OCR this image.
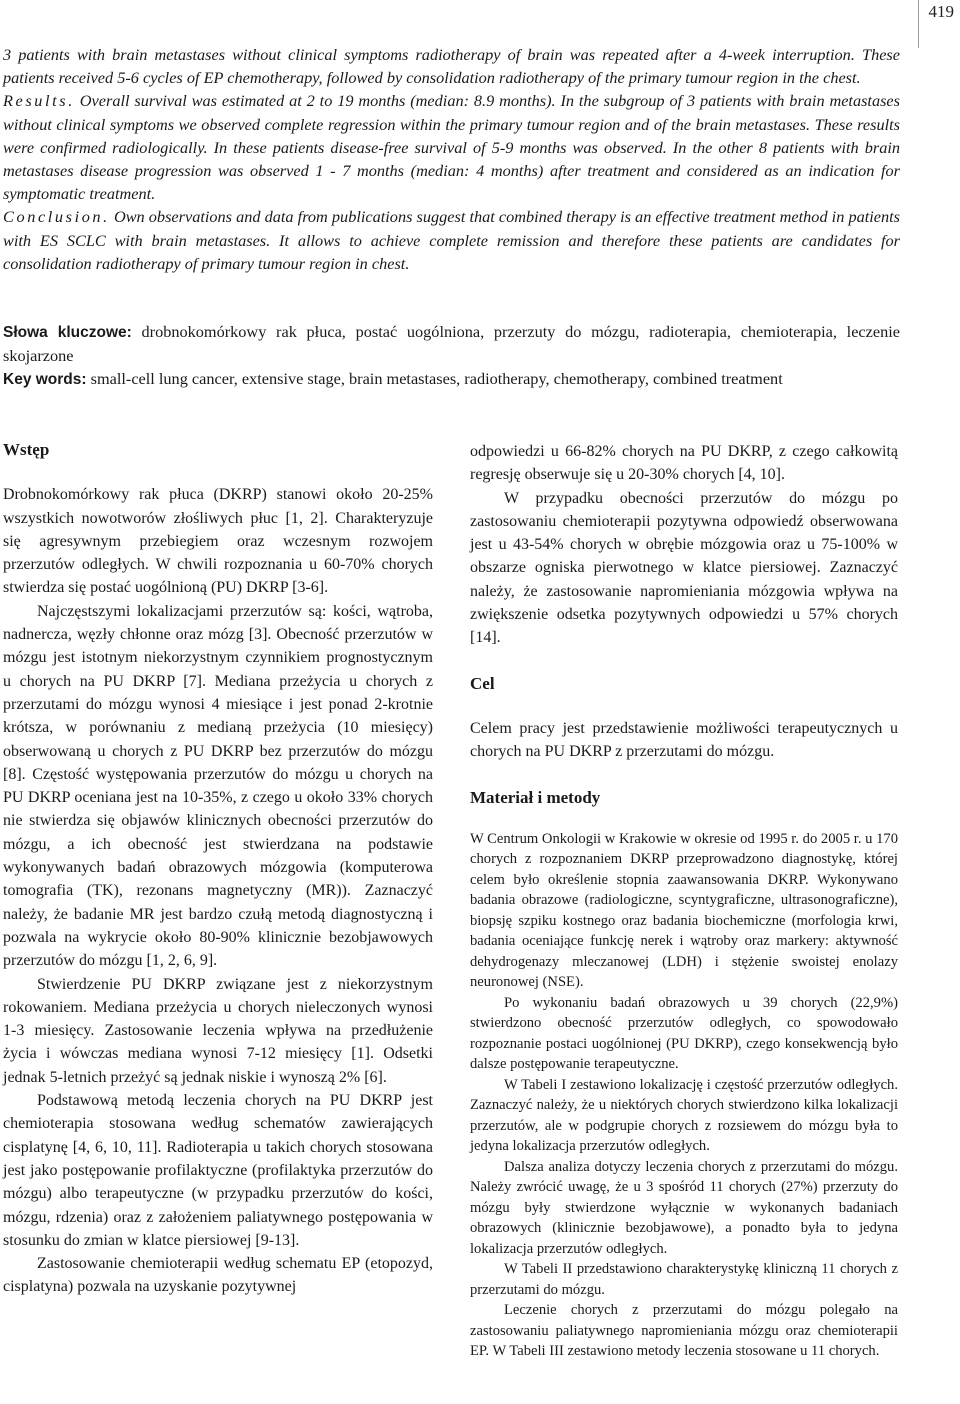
419

3 patients with brain metastases without clinical symptoms radiotherapy of brain was repeated after a 4-week interruption. These patients received 5-6 cycles of EP chemotherapy, followed by consolidation radiotherapy of the primary tumour region in the chest.
Results. Overall survival was estimated at 2 to 19 months (median: 8.9 months). In the subgroup of 3 patients with brain metastases without clinical symptoms we observed complete regression within the primary tumour region and of the brain metastases. These results were confirmed radiologically. In these patients disease-free survival of 5-9 months was observed. In the other 8 patients with brain metastases disease progression was observed 1 - 7 months (median: 4 months) after treatment and considered as an indication for symptomatic treatment.
Conclusion. Own observations and data from publications suggest that combined therapy is an effective treatment method in patients with ES SCLC with brain metastases. It allows to achieve complete remission and therefore these patients are candidates for consolidation radiotherapy of primary tumour region in chest.

Słowa kluczowe: drobnokomórkowy rak płuca, postać uogólniona, przerzuty do mózgu, radioterapia, chemioterapia, leczenie skojarzone

Key words: small-cell lung cancer, extensive stage, brain metastases, radiotherapy, chemotherapy, combined treatment

Wstęp

Drobnokomórkowy rak płuca (DKRP) stanowi około 20-25% wszystkich nowotworów złośliwych płuc [1, 2]. Charakteryzuje się agresywnym przebiegiem oraz wczesnym rozwojem przerzutów odległych. W chwili rozpoznania u 60-70% chorych stwierdza się postać uogólnioną (PU) DKRP [3-6].

Najczęstszymi lokalizacjami przerzutów są: kości, wątroba, nadnercza, węzły chłonne oraz mózg [3]. Obecność przerzutów w mózgu jest istotnym niekorzystnym czynnikiem prognostycznym u chorych na PU DKRP [7]. Mediana przeżycia u chorych z przerzutami do mózgu wynosi 4 miesiące i jest ponad 2-krotnie krótsza, w porównaniu z medianą przeżycia (10 miesięcy) obserwowaną u chorych z PU DKRP bez przerzutów do mózgu [8]. Częstość występowania przerzutów do mózgu u chorych na PU DKRP oceniana jest na 10-35%, z czego u około 33% chorych nie stwierdza się objawów klinicznych obecności przerzutów do mózgu, a ich obecność jest stwierdzana na podstawie wykonywanych badań obrazowych mózgowia (komputerowa tomografia (TK), rezonans magnetyczny (MR)). Zaznaczyć należy, że badanie MR jest bardzo czułą metodą diagnostyczną i pozwala na wykrycie około 80-90% klinicznie bezobjawowych przerzutów do mózgu [1, 2, 6, 9].

Stwierdzenie PU DKRP związane jest z niekorzystnym rokowaniem. Mediana przeżycia u chorych nieleczonych wynosi 1-3 miesięcy. Zastosowanie leczenia wpływa na przedłużenie życia i wówczas mediana wynosi 7-12 miesięcy [1]. Odsetki jednak 5-letnich przeżyć są jednak niskie i wynoszą 2% [6].

Podstawową metodą leczenia chorych na PU DKRP jest chemioterapia stosowana według schematów zawierających cisplatynę [4, 6, 10, 11]. Radioterapia u takich chorych stosowana jest jako postępowanie profilaktyczne (profilaktyka przerzutów do mózgu) albo terapeutyczne (w przypadku przerzutów do kości, mózgu, rdzenia) oraz z założeniem paliatywnego postępowania w stosunku do zmian w klatce piersiowej [9-13].

Zastosowanie chemioterapii według schematu EP (etopozyd, cisplatyna) pozwala na uzyskanie pozytywnej

odpowiedzi u 66-82% chorych na PU DKRP, z czego całkowitą regresję obserwuje się u 20-30% chorych [4, 10].

W przypadku obecności przerzutów do mózgu po zastosowaniu chemioterapii pozytywna odpowiedź obserwowana jest u 43-54% chorych w obrębie mózgowia oraz u 75-100% w obszarze ogniska pierwotnego w klatce piersiowej. Zaznaczyć należy, że zastosowanie napromieniania mózgowia wpływa na zwiększenie odsetka pozytywnych odpowiedzi u 57% chorych [14].

Cel

Celem pracy jest przedstawienie możliwości terapeutycznych u chorych na PU DKRP z przerzutami do mózgu.

Materiał i metody

W Centrum Onkologii w Krakowie w okresie od 1995 r. do 2005 r. u 170 chorych z rozpoznaniem DKRP przeprowadzono diagnostykę, której celem było określenie stopnia zaawansowania DKRP. Wykonywano badania obrazowe (radiologiczne, scyntygraficzne, ultrasonograficzne), biopsję szpiku kostnego oraz badania biochemiczne (morfologia krwi, badania oceniające funkcję nerek i wątroby oraz markery: aktywność dehydrogenazy mleczanowej (LDH) i stężenie swoistej enolazy neuronowej (NSE).

Po wykonaniu badań obrazowych u 39 chorych (22,9%) stwierdzono obecność przerzutów odległych, co spowodowało rozpoznanie postaci uogólnionej (PU DKRP), czego konsekwencją było dalsze postępowanie terapeutyczne.

W Tabeli I zestawiono lokalizację i częstość przerzutów odległych. Zaznaczyć należy, że u niektórych chorych stwierdzono kilka lokalizacji przerzutów, ale w podgrupie chorych z rozsiewem do mózgu była to jedyna lokalizacja przerzutów odległych.

Dalsza analiza dotyczy leczenia chorych z przerzutami do mózgu. Należy zwrócić uwagę, że u 3 spośród 11 chorych (27%) przerzuty do mózgu były stwierdzone wyłącznie w wykonanych badaniach obrazowych (klinicznie bezobjawowe), a ponadto była to jedyna lokalizacja przerzutów odległych.

W Tabeli II przedstawiono charakterystykę kliniczną 11 chorych z przerzutami do mózgu.

Leczenie chorych z przerzutami do mózgu polegało na zastosowaniu paliatywnego napromieniania mózgu oraz chemioterapii EP. W Tabeli III zestawiono metody leczenia stosowane u 11 chorych.
